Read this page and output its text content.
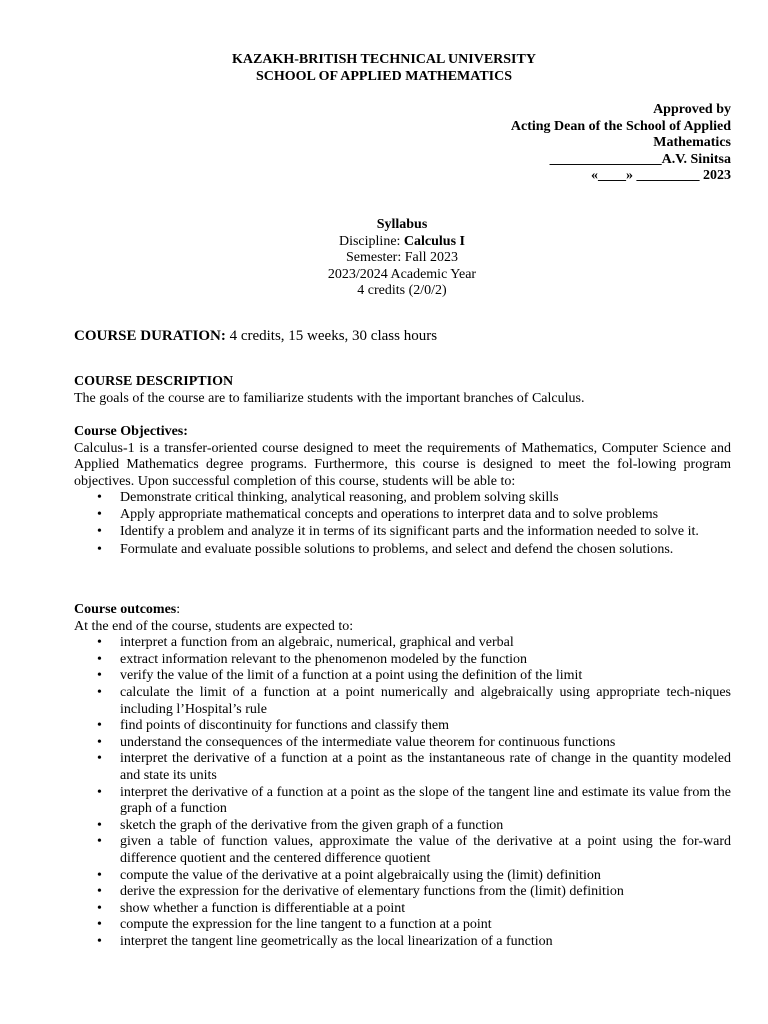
KAZAKH-BRITISH TECHNICAL UNIVERSITY
SCHOOL OF APPLIED MATHEMATICS
Approved by
Acting Dean of the School of Applied
Mathematics
________________A.V. Sinitsa
«____» _________ 2023
Syllabus
Discipline: Calculus I
Semester: Fall 2023
2023/2024 Academic Year
4 credits (2/0/2)
COURSE DURATION: 4 credits, 15 weeks, 30 class hours
COURSE DESCRIPTION
The goals of the course are to familiarize students with the important branches of Calculus.
Course Objectives:
Calculus-1 is a transfer-oriented course designed to meet the requirements of Mathematics, Computer Science and Applied Mathematics degree programs. Furthermore, this course is designed to meet the fol-lowing program objectives. Upon successful completion of this course, students will be able to:
• Demonstrate critical thinking, analytical reasoning, and problem solving skills
• Apply appropriate mathematical concepts and operations to interpret data and to solve problems
• Identify a problem and analyze it in terms of its significant parts and the information needed to solve it.
• Formulate and evaluate possible solutions to problems, and select and defend the chosen solutions.
Course outcomes:
At the end of the course, students are expected to:
• interpret a function from an algebraic, numerical, graphical and verbal
• extract information relevant to the phenomenon modeled by the function
• verify the value of the limit of a function at a point using the definition of the limit
• calculate the limit of a function at a point numerically and algebraically using appropriate tech-niques including l’Hospital’s rule
• find points of discontinuity for functions and classify them
• understand the consequences of the intermediate value theorem for continuous functions
• interpret the derivative of a function at a point as the instantaneous rate of change in the quantity modeled and state its units
• interpret the derivative of a function at a point as the slope of the tangent line and estimate its value from the graph of a function
• sketch the graph of the derivative from the given graph of a function
• given a table of function values, approximate the value of the derivative at a point using the for-ward difference quotient and the centered difference quotient
• compute the value of the derivative at a point algebraically using the (limit) definition
• derive the expression for the derivative of elementary functions from the (limit) definition
• show whether a function is differentiable at a point
• compute the expression for the line tangent to a function at a point
• interpret the tangent line geometrically as the local linearization of a function
